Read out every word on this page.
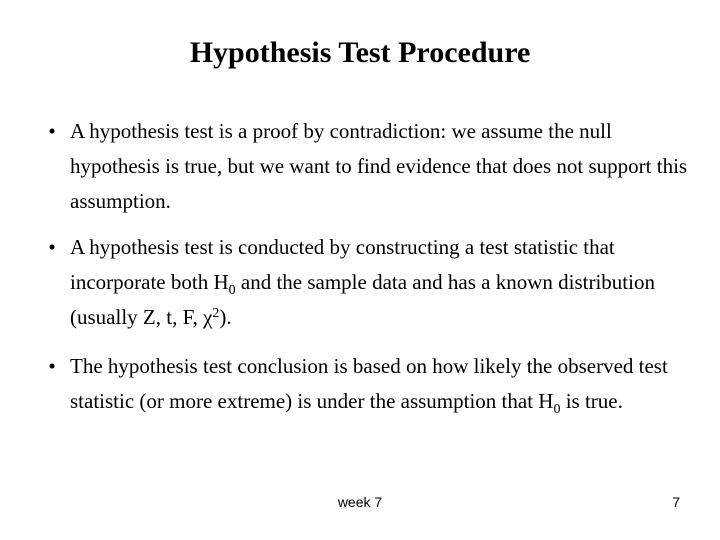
Hypothesis Test Procedure
• A hypothesis test is a proof by contradiction: we assume the null hypothesis is true, but we want to find evidence that does not support this assumption.
• A hypothesis test is conducted by constructing a test statistic that incorporate both $H_0$ and the sample data and has a known distribution (usually Z, t, F, $\chi^2$).
• The hypothesis test conclusion is based on how likely the observed test statistic (or more extreme) is under the assumption that $H_0$ is true.
week 7	7
